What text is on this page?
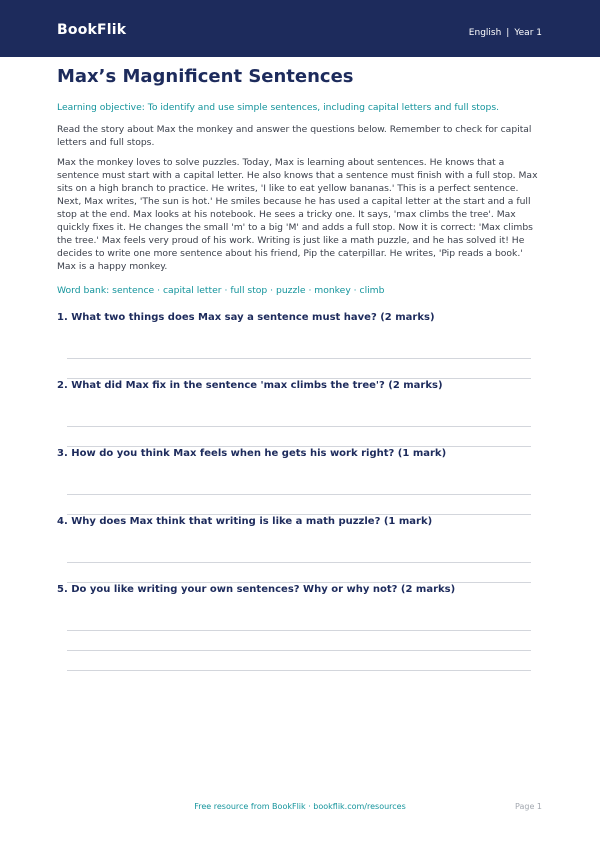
BookFlik	English | Year 1
Max’s Magnificent Sentences

Learning objective: To identify and use simple sentences, including capital letters and full stops.

Read the story about Max the monkey and answer the questions below. Remember to check for capital letters and full stops.

Max the monkey loves to solve puzzles. Today, Max is learning about sentences. He knows that a sentence must start with a capital letter. He also knows that a sentence must finish with a full stop. Max sits on a high branch to practice. He writes, 'I like to eat yellow bananas.' This is a perfect sentence. Next, Max writes, 'The sun is hot.' He smiles because he has used a capital letter at the start and a full stop at the end. Max looks at his notebook. He sees a tricky one. It says, 'max climbs the tree'. Max quickly fixes it. He changes the small 'm' to a big 'M' and adds a full stop. Now it is correct: 'Max climbs the tree.' Max feels very proud of his work. Writing is just like a math puzzle, and he has solved it! He decides to write one more sentence about his friend, Pip the caterpillar. He writes, 'Pip reads a book.' Max is a happy monkey.

Word bank: sentence · capital letter · full stop · puzzle · monkey · climb

1. What two things does Max say a sentence must have? (2 marks)
2. What did Max fix in the sentence 'max climbs the tree'? (2 marks)
3. How do you think Max feels when he gets his work right? (1 mark)
4. Why does Max think that writing is like a math puzzle? (1 mark)
5. Do you like writing your own sentences? Why or why not? (2 marks)
Free resource from BookFlik · bookflik.com/resources	Page 1
